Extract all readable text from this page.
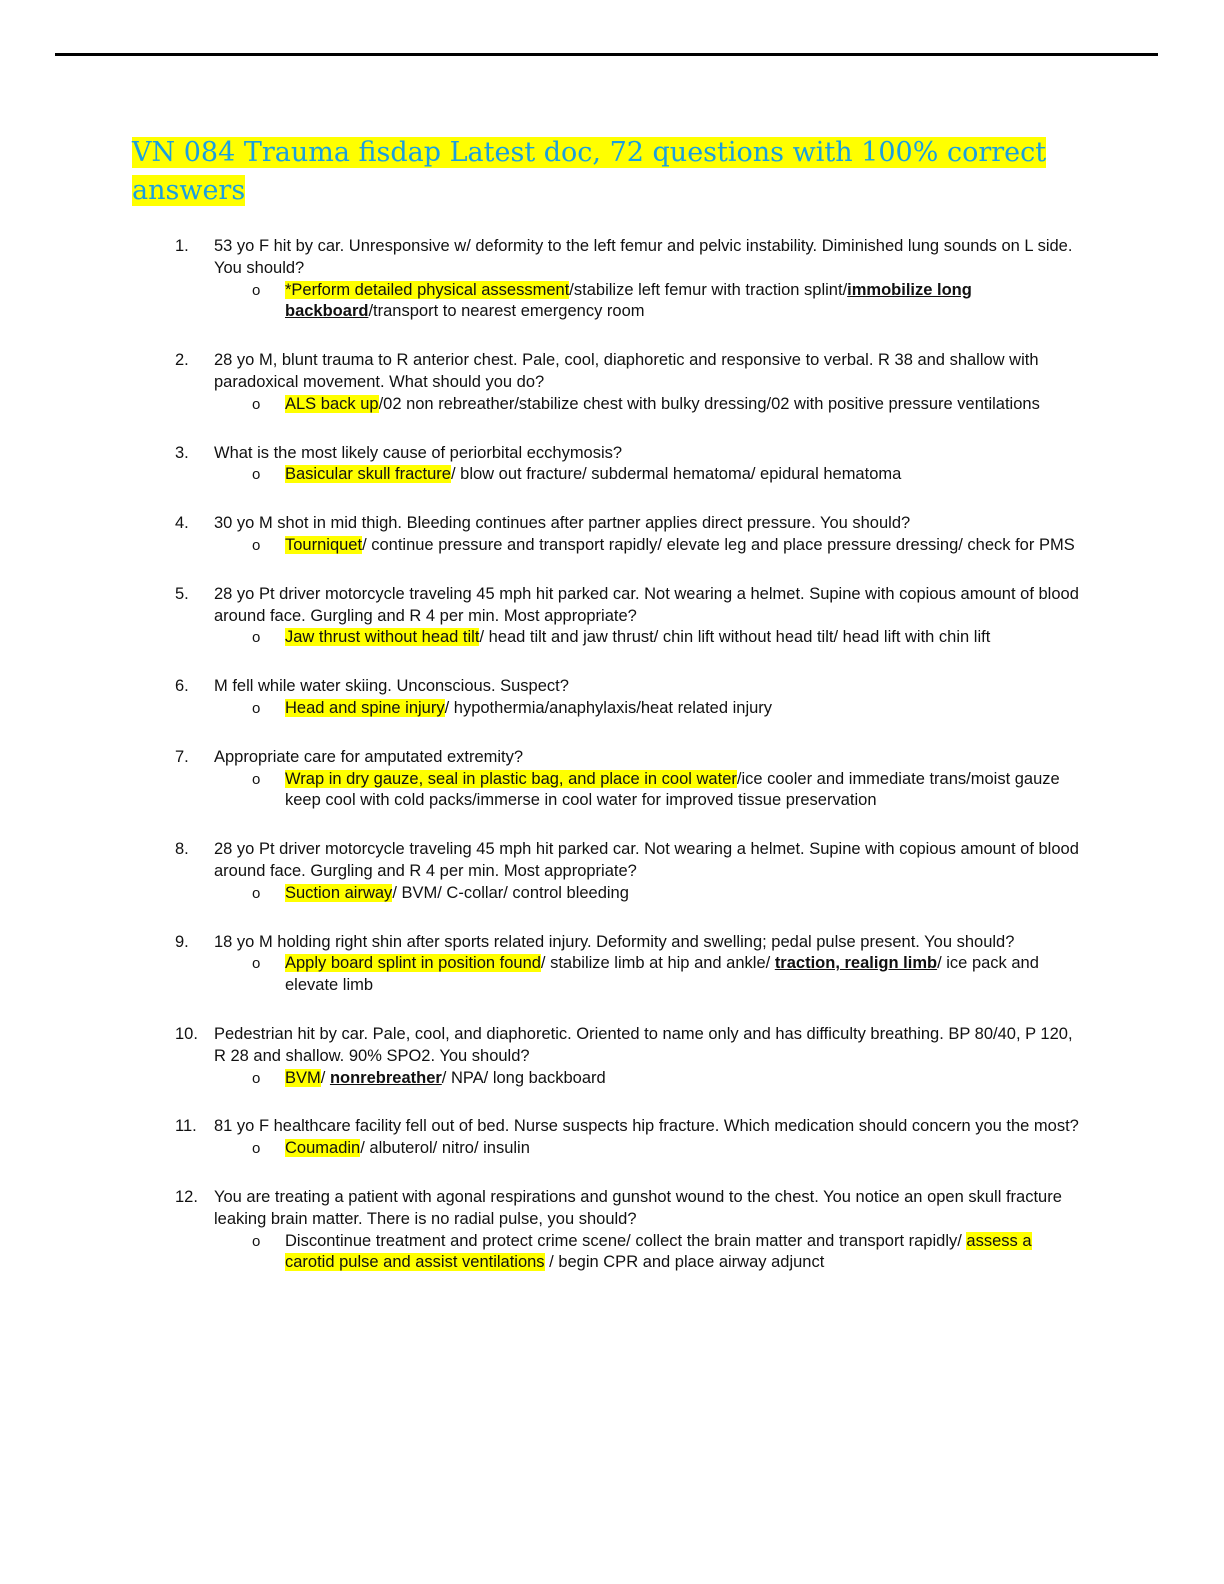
VN 084 Trauma fisdap Latest doc, 72 questions with 100% correct answers
1. 53 yo F hit by car. Unresponsive w/ deformity to the left femur and pelvic instability. Diminished lung sounds on L side. You should?
o	*Perform detailed physical assessment/stabilize left femur with traction splint/immobilize long backboard/transport to nearest emergency room
2. 28 yo M, blunt trauma to R anterior chest. Pale, cool, diaphoretic and responsive to verbal. R 38 and shallow with paradoxical movement. What should you do?
o	ALS back up/02 non rebreather/stabilize chest with bulky dressing/02 with positive pressure ventilations
3. What is the most likely cause of periorbital ecchymosis?
o	Basicular skull fracture/ blow out fracture/ subdermal hematoma/ epidural hematoma
4. 30 yo M shot in mid thigh. Bleeding continues after partner applies direct pressure. You should?
o	Tourniquet/ continue pressure and transport rapidly/ elevate leg and place pressure dressing/ check for PMS
5. 28 yo Pt driver motorcycle traveling 45 mph hit parked car. Not wearing a helmet. Supine with copious amount of blood around face. Gurgling and R 4 per min. Most appropriate?
o	Jaw thrust without head tilt/ head tilt and jaw thrust/ chin lift without head tilt/ head lift with chin lift
6. M fell while water skiing. Unconscious. Suspect?
o	Head and spine injury/ hypothermia/anaphylaxis/heat related injury
7. Appropriate care for amputated extremity?
o	Wrap in dry gauze, seal in plastic bag, and place in cool water/ice cooler and immediate trans/moist gauze keep cool with cold packs/immerse in cool water for improved tissue preservation
8. 28 yo Pt driver motorcycle traveling 45 mph hit parked car. Not wearing a helmet. Supine with copious amount of blood around face. Gurgling and R 4 per min. Most appropriate?
o	Suction airway/ BVM/ C-collar/ control bleeding
9. 18 yo M holding right shin after sports related injury. Deformity and swelling; pedal pulse present. You should?
o	Apply board splint in position found/ stabilize limb at hip and ankle/ traction, realign limb/ ice pack and elevate limb
10. Pedestrian hit by car. Pale, cool, and diaphoretic. Oriented to name only and has difficulty breathing. BP 80/40, P 120, R 28 and shallow. 90% SPO2. You should?
o	BVM/ nonrebreather/ NPA/ long backboard
11. 81 yo F healthcare facility fell out of bed. Nurse suspects hip fracture. Which medication should concern you the most?
o	Coumadin/ albuterol/ nitro/ insulin
12. You are treating a patient with agonal respirations and gunshot wound to the chest. You notice an open skull fracture leaking brain matter. There is no radial pulse, you should?
o	Discontinue treatment and protect crime scene/ collect the brain matter and transport rapidly/ assess a carotid pulse and assist ventilations / begin CPR and place airway adjunct
